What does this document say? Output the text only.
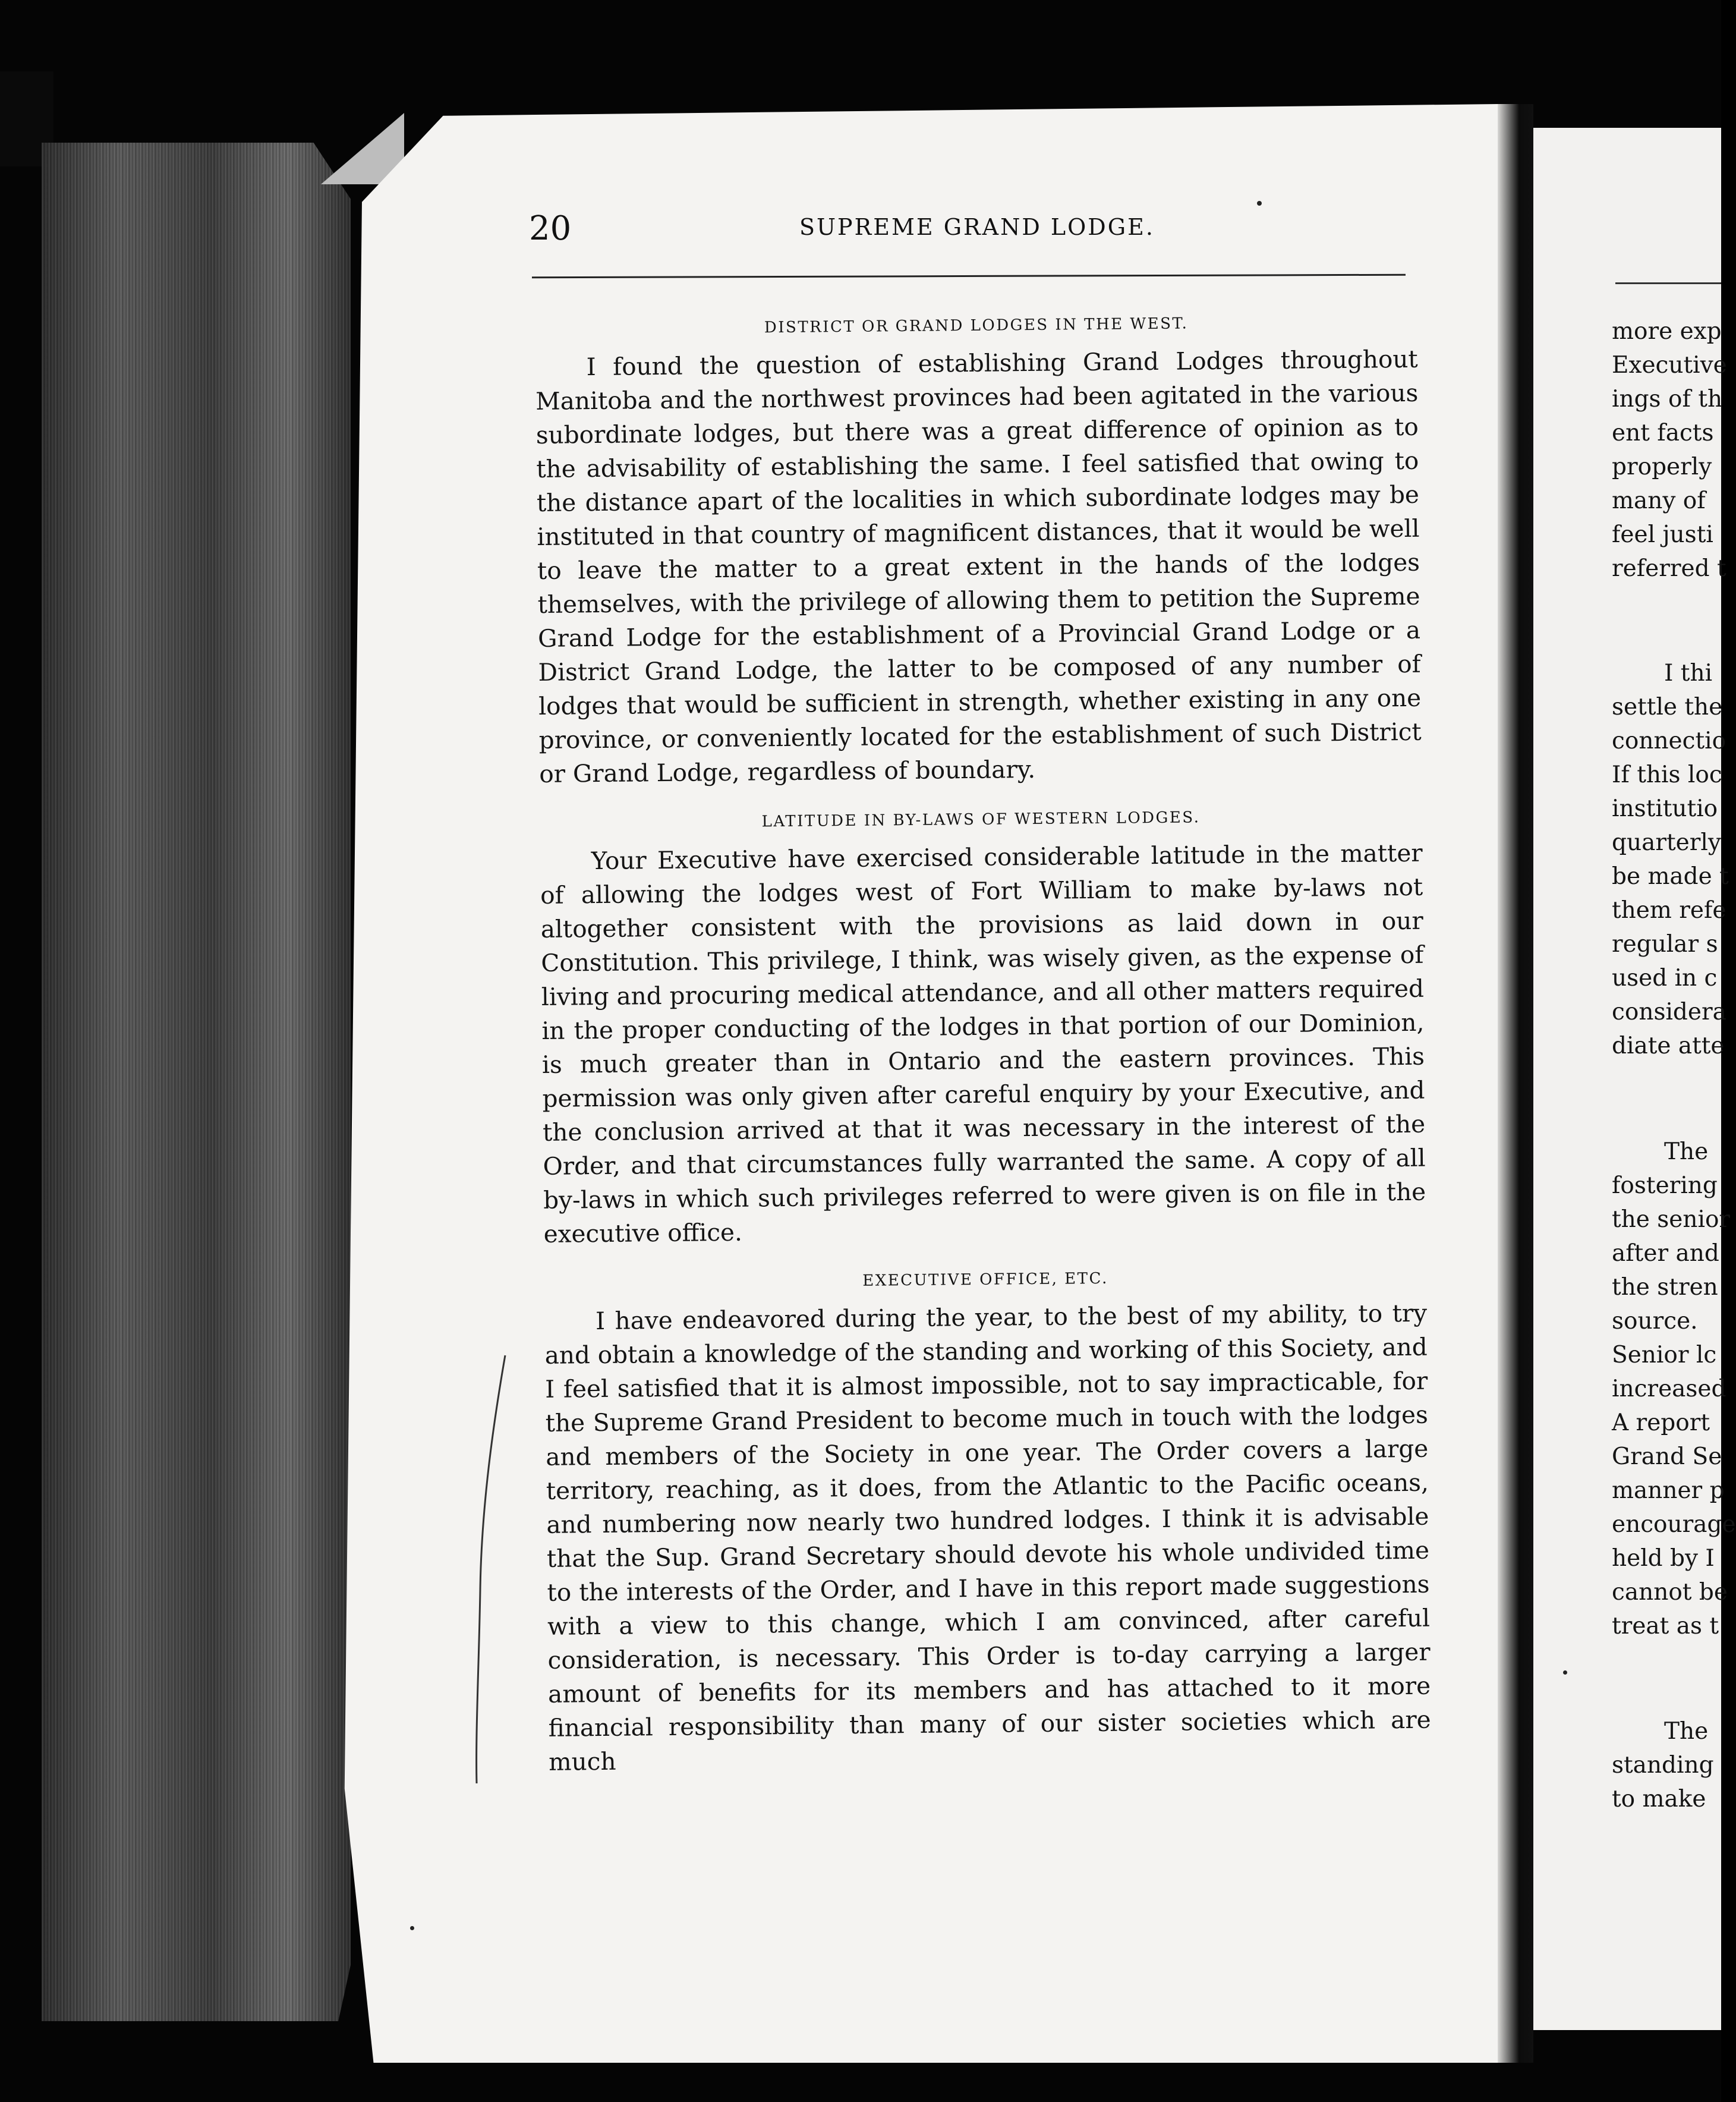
20	SUPREME GRAND LODGE.
DISTRICT OR GRAND LODGES IN THE WEST.

I found the question of establishing Grand Lodges throughout Manitoba and the northwest provinces had been agitated in the various subordinate lodges, but there was a great difference of opinion as to the advisability of establishing the same. I feel satisfied that owing to the distance apart of the localities in which subordinate lodges may be instituted in that country of magnificent distances, that it would be well to leave the matter to a great extent in the hands of the lodges themselves, with the privilege of allowing them to petition the Supreme Grand Lodge for the establishment of a Provincial Grand Lodge or a District Grand Lodge, the latter to be composed of any number of lodges that would be sufficient in strength, whether existing in any one province, or conveniently located for the establishment of such District or Grand Lodge, regardless of boundary.

LATITUDE IN BY-LAWS OF WESTERN LODGES.

Your Executive have exercised considerable latitude in the matter of allowing the lodges west of Fort William to make by-laws not altogether consistent with the provisions as laid down in our Constitution. This privilege, I think, was wisely given, as the expense of living and procuring medical attendance, and all other matters required in the proper conducting of the lodges in that portion of our Dominion, is much greater than in Ontario and the eastern provinces. This permission was only given after careful enquiry by your Executive, and the conclusion arrived at that it was necessary in the interest of the Order, and that circumstances fully warranted the same. A copy of all by-laws in which such privileges referred to were given is on file in the executive office.

EXECUTIVE OFFICE, ETC.

I have endeavored during the year, to the best of my ability, to try and obtain a knowledge of the standing and working of this Society, and I feel satisfied that it is almost impossible, not to say impracticable, for the Supreme Grand President to become much in touch with the lodges and members of the Society in one year. The Order covers a large territory, reaching, as it does, from the Atlantic to the Pacific oceans, and numbering now nearly two hundred lodges. I think it is advisable that the Sup. Grand Secretary should devote his whole undivided time to the interests of the Order, and I have in this report made suggestions with a view to this change, which I am convinced, after careful consideration, is necessary. This Order is to-day carrying a larger amount of benefits for its members and has attached to it more financial responsibility than many of our sister societies which are much

more exp
Executive
ings of th
ent facts
properly
many of
feel justi
referred t
I thi
settle the
connectio
If this loc
institutio
quarterly
be made t
them refe
regular s
used in c
considera
diate atte
The
fostering
the senior
after and
the stren
source.
Senior lc
increased
A report
Grand Se
manner p
encourage
held by I
cannot be
treat as t
The
standing
to make
